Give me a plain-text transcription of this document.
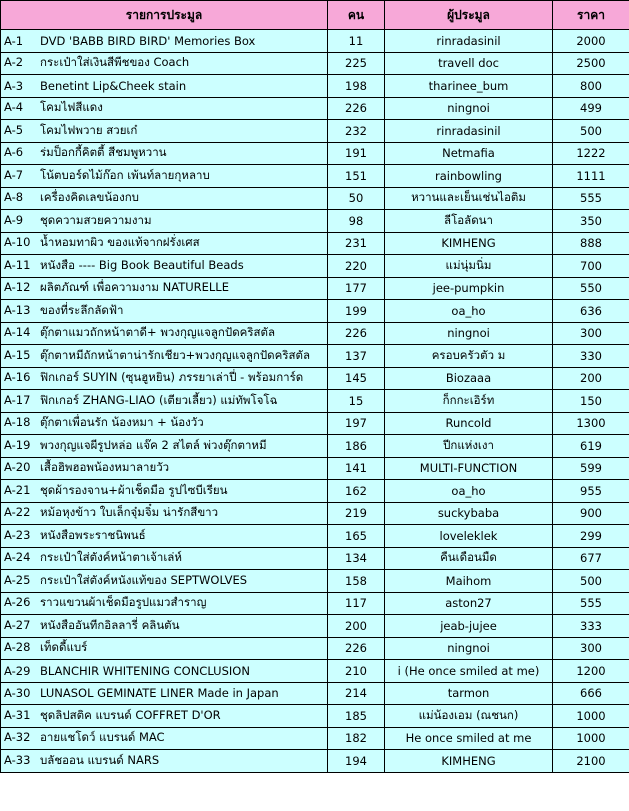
รายการประมูล	คน	ผู้ประมูล	ราคา
A-1 DVD 'BABB BIRD BIRD' Memories Box	11	rinradasinil	2000
A-2 กระเป๋าใส่เงินสีพีชของ Coach	225	travell doc	2500
A-3 Benetint Lip&Cheek stain	198	tharinee_bum	800
A-4 โคมไฟสีแดง	226	ningnoi	499
A-5 โคมไฟพวาย สวยเก๋	232	rinradasinil	500
A-6 ร่มป็อกกี้คิตตี้ สีชมพูหวาน	191	Netmafia	1222
A-7 โน้ตบอร์ดไม้ก๊อก เพ้นท์ลายกุหลาบ	151	rainbowling	1111
A-8 เครื่องคิดเลขน้องกบ	50	หวานและเย็นเช่นไอติม	555
A-9 ชุดความสวยความงาม	98	ลีโอลัดนา	350
A-10 น้ำหอมทาผิว ของแท้จากฝรั่งเศส	231	KIMHENG	888
A-11 หนังสือ ---- Big Book Beautiful Beads	220	แม่นุ่มนิ่ม	700
A-12 ผลิตภัณฑ์ เพื่อความงาม NATURELLE	177	jee-pumpkin	550
A-13 ของที่ระลึกลัดฟ้า	199	oa_ho	636
A-14 ตุ๊กตาแมวถักหน้าตาดี+ พวงกุญแจลูกปัดคริสตัล	226	ningnoi	300
A-15 ตุ๊กตาหมีถักหน้าตาน่ารักเชียว+พวงกุญแจลูกปัดคริสตัล	137	ครอบครัวตัว ม	330
A-16 ฟิกเกอร์ SUYIN (ซุนฮูหยิน) ภรรยาเล่าปี่ - พร้อมการ์ด	145	Biozaaa	200
A-17 ฟิกเกอร์ ZHANG-LIAO (เตียวเลี้ยว) แม่ทัพโจโฉ	15	ก็กกะเอิร์ท	150
A-18 ตุ๊กตาเพื่อนรัก น้องหมา + น้องวัว	197	Runcold	1300
A-19 พวงกุญแจผีรูปหล่อ แจ๊ค 2 สไตล์ พ่วงตุ๊กตาหมี	186	ปีกแห่งเงา	619
A-20 เสื้อฮิพฮอพน้องหมาลายวัว	141	MULTI-FUNCTION	599
A-21 ชุดผ้ารองจาน+ผ้าเช็ดมือ รูปไซบีเรียน	162	oa_ho	955
A-22 หม้อหุงข้าว ใบเล็กจุ๋มจิ๋ม น่ารักสีขาว	219	suckybaba	900
A-23 หนังสือพระราชนิพนธ์	165	loveleklek	299
A-24 กระเป๋าใส่ตังค์หน้าตาเจ้าเล่ห์	134	คืนเดือนมืด	677
A-25 กระเป๋าใส่ตังค์หนังแท้ของ SEPTWOLVES	158	Maihom	500
A-26 ราวแขวนผ้าเช็ดมือรูปแมวสำราญ	117	aston27	555
A-27 หนังสืออันทีกอิลลารี่ คลินตัน	200	jeab-jujee	333
A-28 เท็ดดี้แบร์	226	ningnoi	300
A-29 BLANCHIR WHITENING CONCLUSION	210	i (He once smiled at me)	1200
A-30 LUNASOL GEMINATE LINER Made in Japan	214	tarmon	666
A-31 ชุดลิปสติค แบรนด์ COFFRET D'OR	185	แม่น้องเอม (ณชนก)	1000
A-32 อายแชโดว์ แบรนด์ MAC	182	He once smiled at me	1000
A-33 บลัชออน แบรนด์ NARS	194	KIMHENG	2100
